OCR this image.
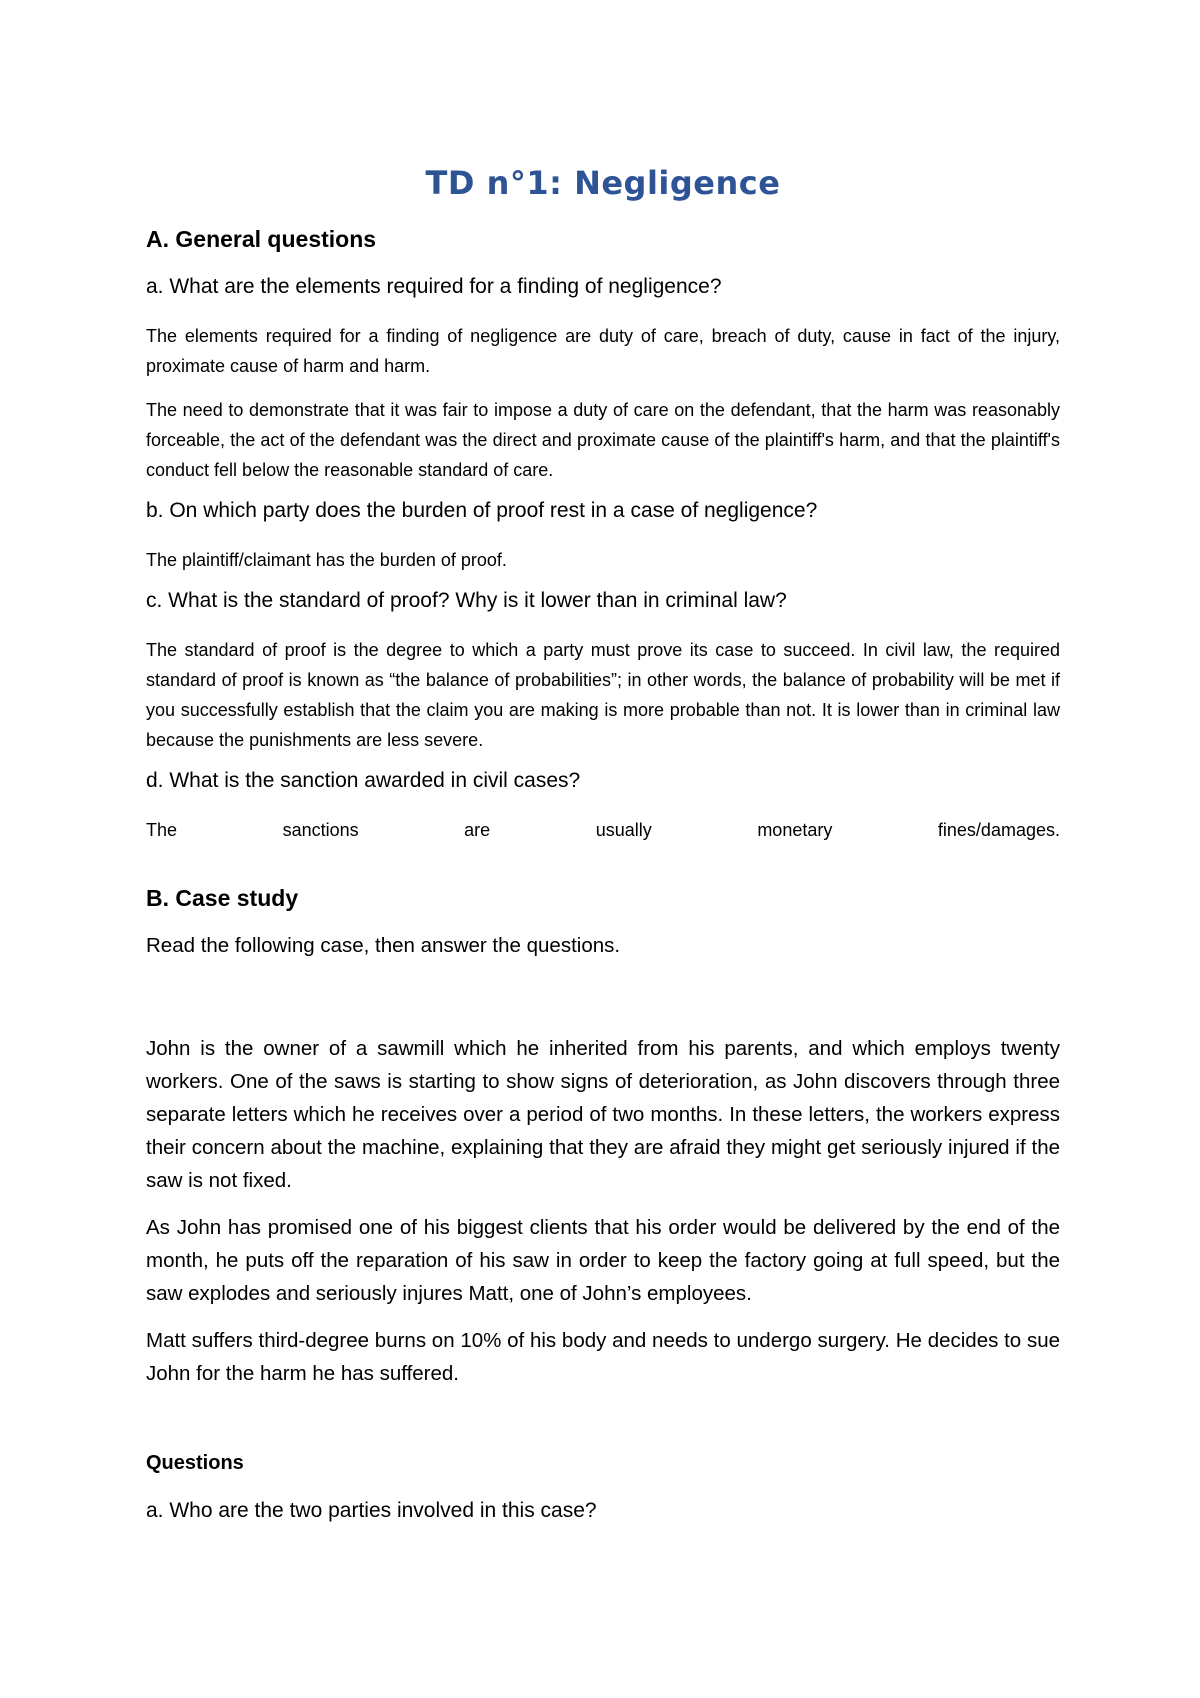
TD n°1: Negligence
A. General questions
a. What are the elements required for a finding of negligence?

The elements required for a finding of negligence are duty of care, breach of duty, cause in fact of the injury, proximate cause of harm and harm.

The need to demonstrate that it was fair to impose a duty of care on the defendant, that the harm was reasonably forceable, the act of the defendant was the direct and proximate cause of the plaintiff's harm, and that the plaintiff's conduct fell below the reasonable standard of care.

b. On which party does the burden of proof rest in a case of negligence?

The plaintiff/claimant has the burden of proof.

c. What is the standard of proof? Why is it lower than in criminal law?

The standard of proof is the degree to which a party must prove its case to succeed. In civil law, the required standard of proof is known as “the balance of probabilities”; in other words, the balance of probability will be met if you successfully establish that the claim you are making is more probable than not. It is lower than in criminal law because the punishments are less severe.

d. What is the sanction awarded in civil cases?

The	sanctions	are	usually	monetary	fines/damages.

B. Case study
Read the following case, then answer the questions.

John is the owner of a sawmill which he inherited from his parents, and which employs twenty workers. One of the saws is starting to show signs of deterioration, as John discovers through three separate letters which he receives over a period of two months. In these letters, the workers express their concern about the machine, explaining that they are afraid they might get seriously injured if the saw is not fixed.

As John has promised one of his biggest clients that his order would be delivered by the end of the month, he puts off the reparation of his saw in order to keep the factory going at full speed, but the saw explodes and seriously injures Matt, one of John’s employees.

Matt suffers third-degree burns on 10% of his body and needs to undergo surgery. He decides to sue John for the harm he has suffered.

Questions
a. Who are the two parties involved in this case?
